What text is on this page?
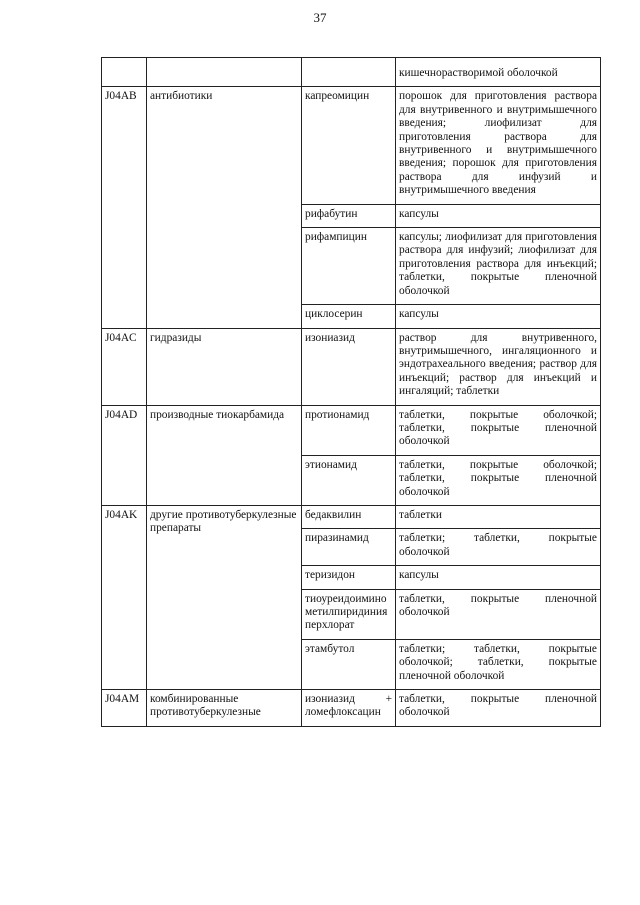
37
			кишечнорастворимой оболочкой
J04AB	антибиотики	капреомицин	порошок для приготовления раствора для внутривенного и внутримышечного введения; лиофилизат для приготовления раствора для внутривенного и внутримышечного введения; порошок для приготовления раствора для инфузий и внутримышечного введения

		рифабутин	капсулы

		рифампицин	капсулы; лиофилизат для приготовления раствора для инфузий; лиофилизат для приготовления раствора для инъекций; таблетки, покрытые пленочной оболочкой

		циклосерин	капсулы

J04AC	гидразиды	изониазид	раствор для внутривенного, внутримышечного, ингаляционного и эндотрахеального введения; раствор для инъекций; раствор для инъекций и ингаляций; таблетки

J04AD	производные тиокарбамида	протионамид	таблетки, покрытые оболочкой; таблетки, покрытые пленочной оболочкой

		этионамид	таблетки, покрытые оболочкой; таблетки, покрытые пленочной оболочкой

J04AK	другие противотуберкулезные препараты	бедаквилин	таблетки

		пиразинамид	таблетки; таблетки, покрытые оболочкой

		теризидон	капсулы

		тиоуреидоиминометилпиридиния перхлорат	таблетки, покрытые пленочной оболочкой

		этамбутол	таблетки; таблетки, покрытые оболочкой; таблетки, покрытые пленочной оболочкой

J04AM	комбинированные противотуберкулезные	изониазид + ломефлоксацин	таблетки, покрытые пленочной оболочкой
